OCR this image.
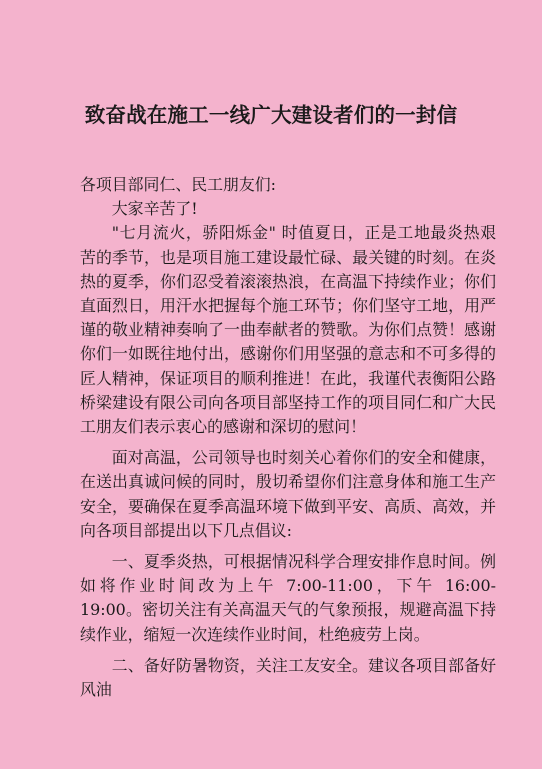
致奋战在施工一线广大建设者们的一封信

各项目部同仁、民工朋友们:

大家辛苦了!

"七月流火，骄阳烁金" 时值夏日，正是工地最炎热艰苦的季节，也是项目施工建设最忙碌、最关键的时刻。在炎热的夏季，你们忍受着滚滚热浪，在高温下持续作业；你们直面烈日，用汗水把握每个施工环节；你们坚守工地，用严谨的敬业精神奏响了一曲奉献者的赞歌。为你们点赞！感谢你们一如既往地付出，感谢你们用坚强的意志和不可多得的匠人精神，保证项目的顺利推进！在此，我谨代表衡阳公路桥梁建设有限公司向各项目部坚持工作的项目同仁和广大民工朋友们表示衷心的感谢和深切的慰问！

面对高温，公司领导也时刻关心着你们的安全和健康，在送出真诚问候的同时，殷切希望你们注意身体和施工生产安全，要确保在夏季高温环境下做到平安、高质、高效，并向各项目部提出以下几点倡议:

一、夏季炎热，可根据情况科学合理安排作息时间。例如将作业时间改为上午 7:00-11:00，下午 16:00-19:00。密切关注有关高温天气的气象预报，规避高温下持续作业，缩短一次连续作业时间，杜绝疲劳上岗。

二、备好防暑物资，关注工友安全。建议各项目部备好风油
